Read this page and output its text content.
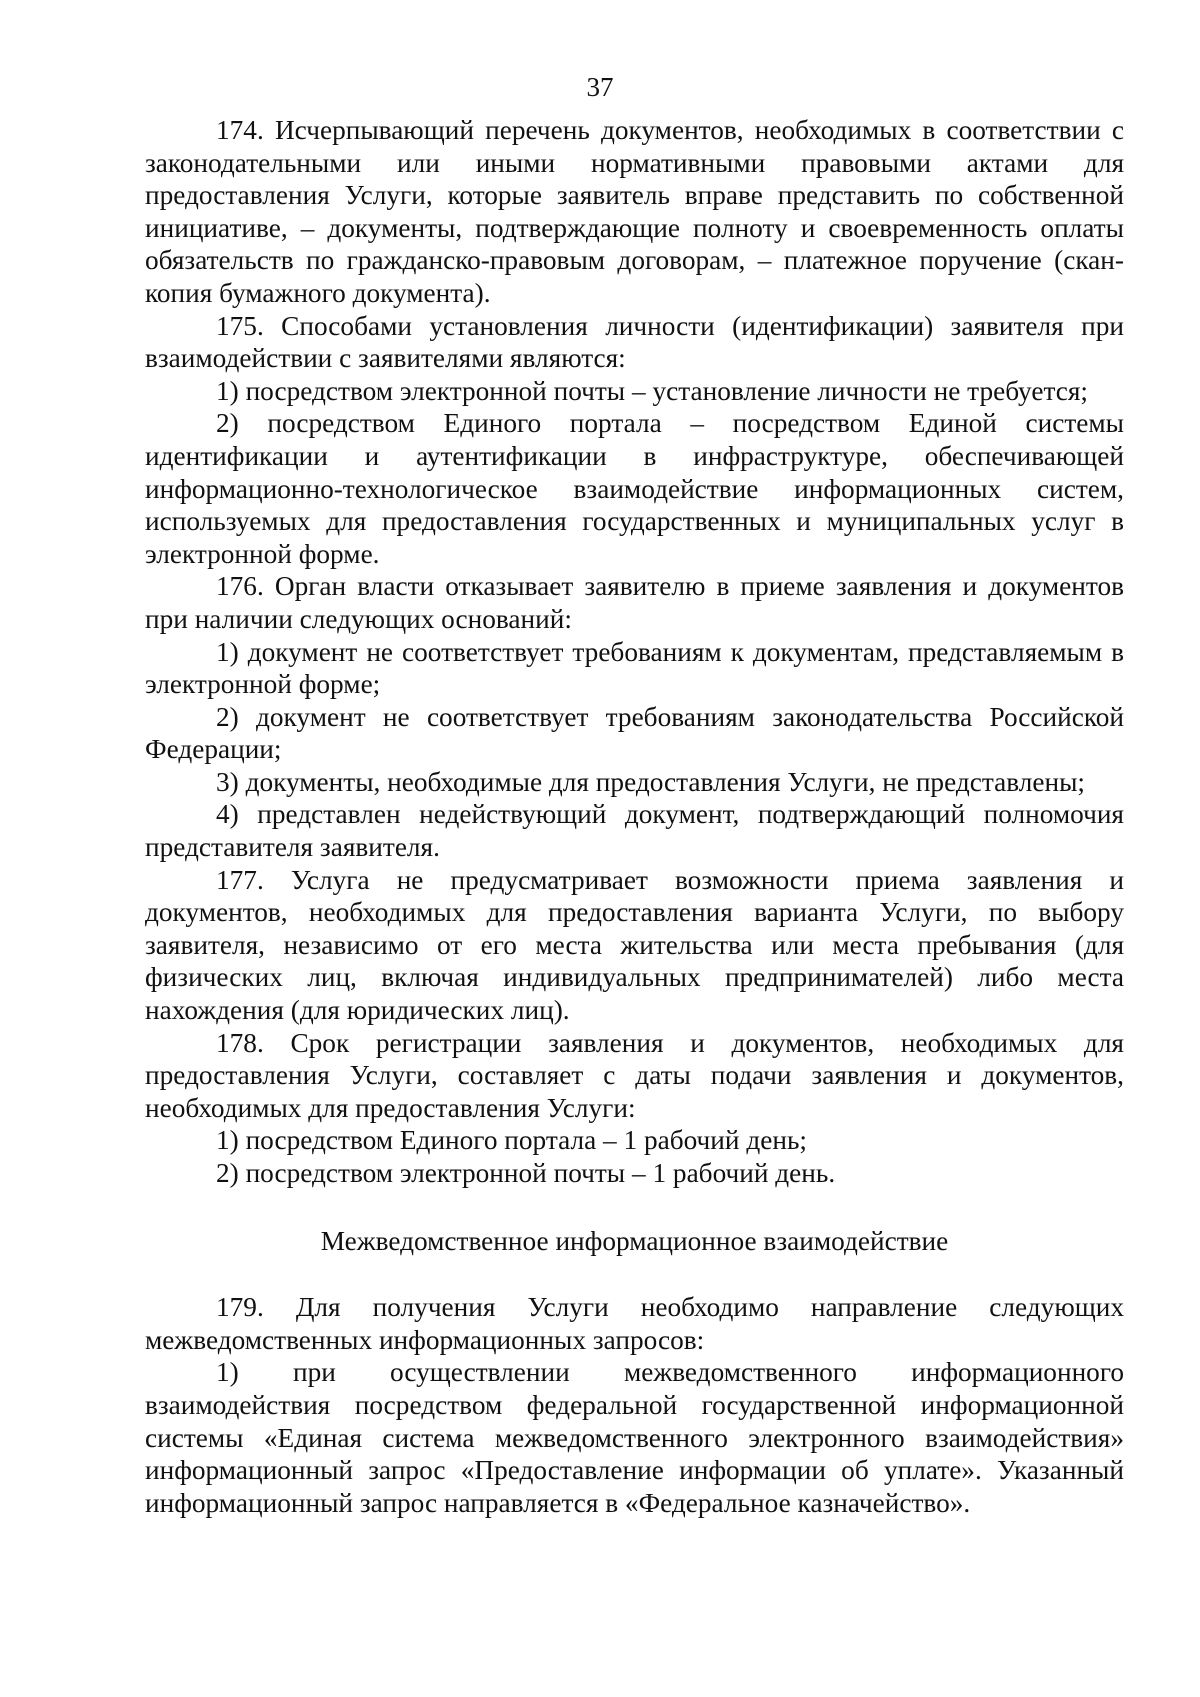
37

174. Исчерпывающий перечень документов, необходимых в соответствии с законодательными или иными нормативными правовыми актами для предоставления Услуги, которые заявитель вправе представить по собственной инициативе, – документы, подтверждающие полноту и своевременность оплаты обязательств по гражданско-правовым договорам, – платежное поручение (скан-копия бумажного документа).

175. Способами установления личности (идентификации) заявителя при взаимодействии с заявителями являются:

1) посредством электронной почты – установление личности не требуется;

2) посредством Единого портала – посредством Единой системы идентификации и аутентификации в инфраструктуре, обеспечивающей информационно-технологическое взаимодействие информационных систем, используемых для предоставления государственных и муниципальных услуг в электронной форме.

176. Орган власти отказывает заявителю в приеме заявления и документов при наличии следующих оснований:

1) документ не соответствует требованиям к документам, представляемым в электронной форме;

2) документ не соответствует требованиям законодательства Российской Федерации;

3) документы, необходимые для предоставления Услуги, не представлены;

4) представлен недействующий документ, подтверждающий полномочия представителя заявителя.

177. Услуга не предусматривает возможности приема заявления и документов, необходимых для предоставления варианта Услуги, по выбору заявителя, независимо от его места жительства или места пребывания (для физических лиц, включая индивидуальных предпринимателей) либо места нахождения (для юридических лиц).

178. Срок регистрации заявления и документов, необходимых для предоставления Услуги, составляет с даты подачи заявления и документов, необходимых для предоставления Услуги:

1) посредством Единого портала – 1 рабочий день;

2) посредством электронной почты – 1 рабочий день.

Межведомственное информационное взаимодействие

179. Для получения Услуги необходимо направление следующих межведомственных информационных запросов:

1) при осуществлении межведомственного информационного взаимодействия посредством федеральной государственной информационной системы «Единая система межведомственного электронного взаимодействия» информационный запрос «Предоставление информации об уплате». Указанный информационный запрос направляется в «Федеральное казначейство».
